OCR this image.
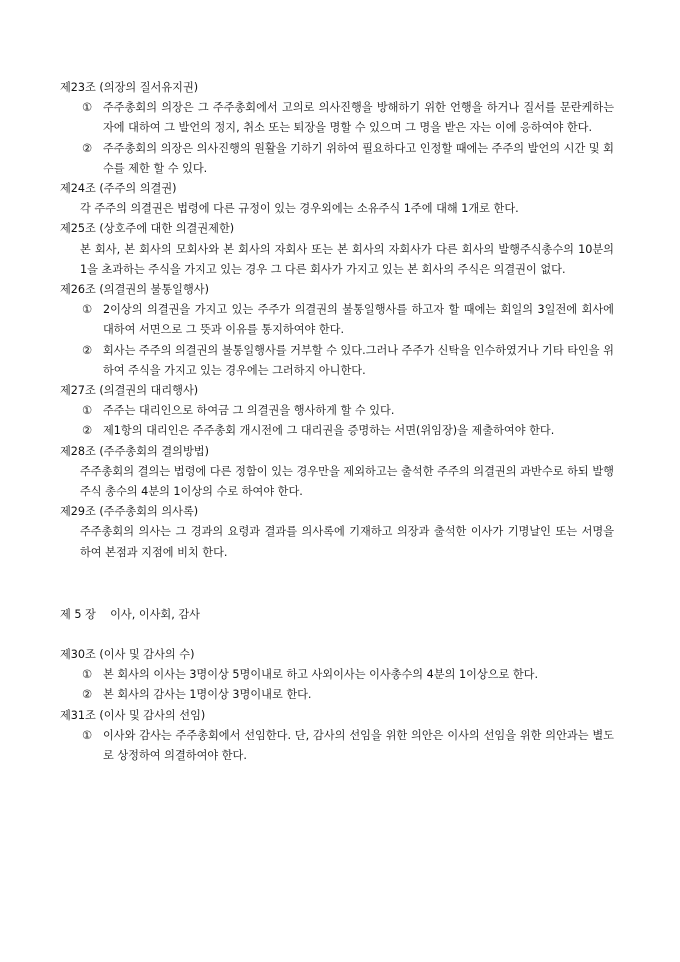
제23조 (의장의 질서유지권)
① 주주총회의 의장은 그 주주총회에서 고의로 의사진행을 방해하기 위한 언행을 하거나 질서를 문란케하는 자에 대하여 그 발언의 정지, 취소 또는 퇴장을 명할 수 있으며 그 명을 받은 자는 이에 응하여야 한다.
② 주주총회의 의장은 의사진행의 원활을 기하기 위하여 필요하다고 인정할 때에는 주주의 발언의 시간 및 회수를 제한 할 수 있다.
제24조 (주주의 의결권)
각 주주의 의결권은 법령에 다른 규정이 있는 경우외에는 소유주식 1주에 대해 1개로 한다.
제25조 (상호주에 대한 의결권제한)
본 회사, 본 회사의 모회사와 본 회사의 자회사 또는 본 회사의 자회사가 다른 회사의 발행주식총수의 10분의 1을 초과하는 주식을 가지고 있는 경우 그 다른 회사가 가지고 있는 본 회사의 주식은 의결권이 없다.
제26조 (의결권의 불통일행사)
① 2이상의 의결권을 가지고 있는 주주가 의결권의 불통일행사를 하고자 할 때에는 회일의 3일전에 회사에 대하여 서면으로 그 뜻과 이유를 통지하여야 한다.
② 회사는 주주의 의결권의 불통일행사를 거부할 수 있다.그러나 주주가 신탁을 인수하였거나 기타 타인을 위하여 주식을 가지고 있는 경우에는 그러하지 아니한다.
제27조 (의결권의 대리행사)
① 주주는 대리인으로 하여금 그 의결권을 행사하게 할 수 있다.
② 제1항의 대리인은 주주총회 개시전에 그 대리권을 증명하는 서면(위임장)을 제출하여야 한다.
제28조 (주주총회의 결의방법)
주주총회의 결의는 법령에 다른 정함이 있는 경우만을 제외하고는 출석한 주주의 의결권의 과반수로 하되 발행 주식 총수의 4분의 1이상의 수로 하여야 한다.
제29조 (주주총회의 의사록)
주주총회의 의사는 그 경과의 요령과 결과를 의사록에 기재하고 의장과 출석한 이사가 기명날인 또는 서명을 하여 본점과 지점에 비치 한다.
제 5 장 이사, 이사회, 감사
제30조 (이사 및 감사의 수)
① 본 회사의 이사는 3명이상 5명이내로 하고 사외이사는 이사총수의 4분의 1이상으로 한다.
② 본 회사의 감사는 1명이상 3명이내로 한다.
제31조 (이사 및 감사의 선임)
① 이사와 감사는 주주총회에서 선임한다. 단, 감사의 선임을 위한 의안은 이사의 선임을 위한 의안과는 별도로 상정하여 의결하여야 한다.
